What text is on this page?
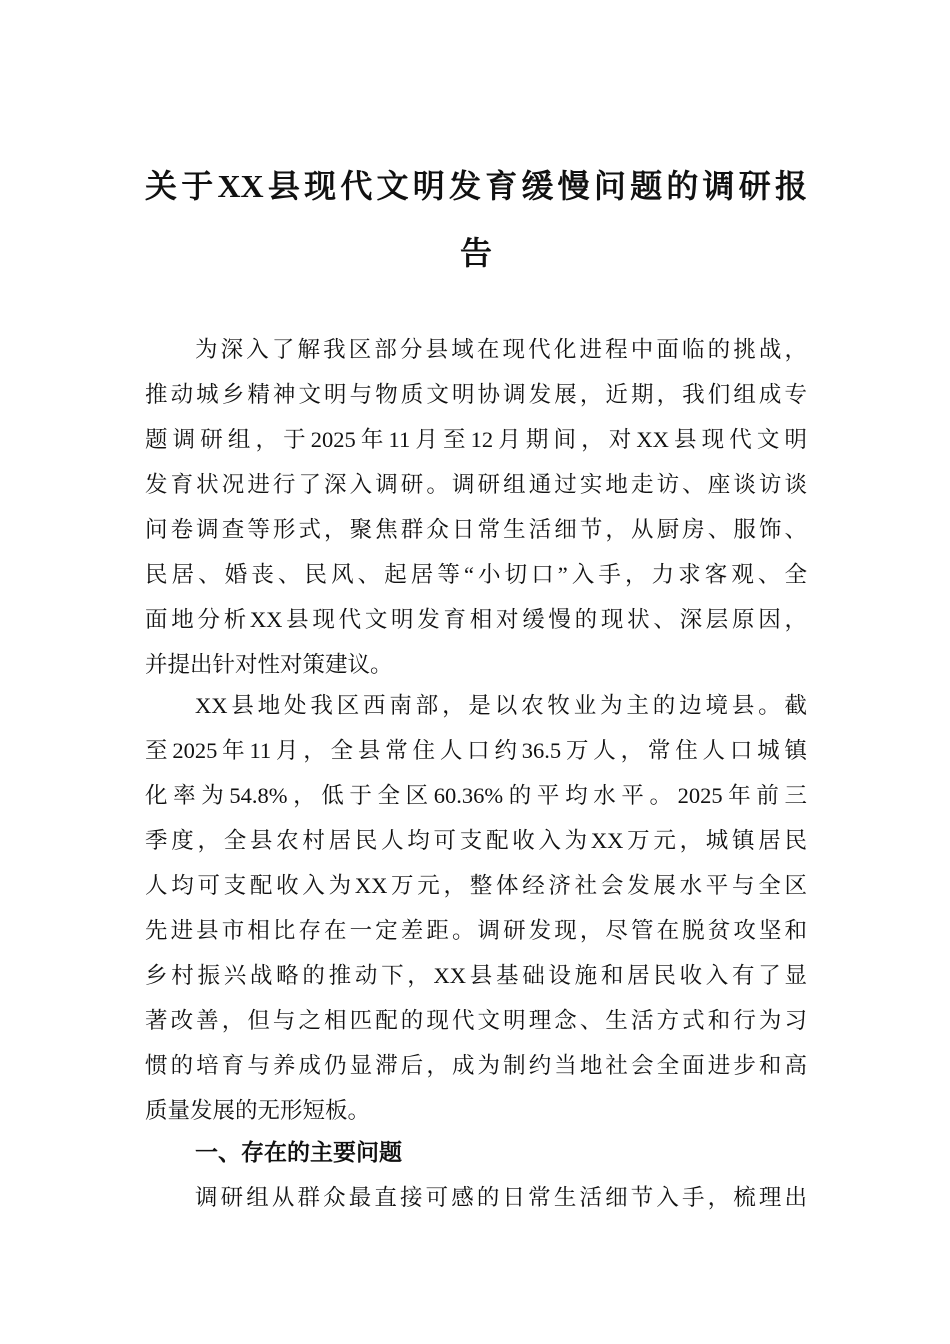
关于XX县现代文明发育缓慢问题的调研报
告
为深入了解我区部分县域在现代化进程中面临的挑战，
推动城乡精神文明与物质文明协调发展，近期，我们组成专
题调研组，于2025年11月至12月期间，对XX县现代文明
发育状况进行了深入调研。调研组通过实地走访、座谈访谈
问卷调查等形式，聚焦群众日常生活细节，从厨房、服饰、
民居、婚丧、民风、起居等“小切口”入手，力求客观、全
面地分析XX县现代文明发育相对缓慢的现状、深层原因，
并提出针对性对策建议。
XX县地处我区西南部，是以农牧业为主的边境县。截
至2025年11月，全县常住人口约36.5万人，常住人口城镇
化率为54.8%，低于全区60.36%的平均水平。2025年前三
季度，全县农村居民人均可支配收入为XX万元，城镇居民
人均可支配收入为XX万元，整体经济社会发展水平与全区
先进县市相比存在一定差距。调研发现，尽管在脱贫攻坚和
乡村振兴战略的推动下，XX县基础设施和居民收入有了显
著改善，但与之相匹配的现代文明理念、生活方式和行为习
惯的培育与养成仍显滞后，成为制约当地社会全面进步和高
质量发展的无形短板。
一、存在的主要问题
调研组从群众最直接可感的日常生活细节入手，梳理出
